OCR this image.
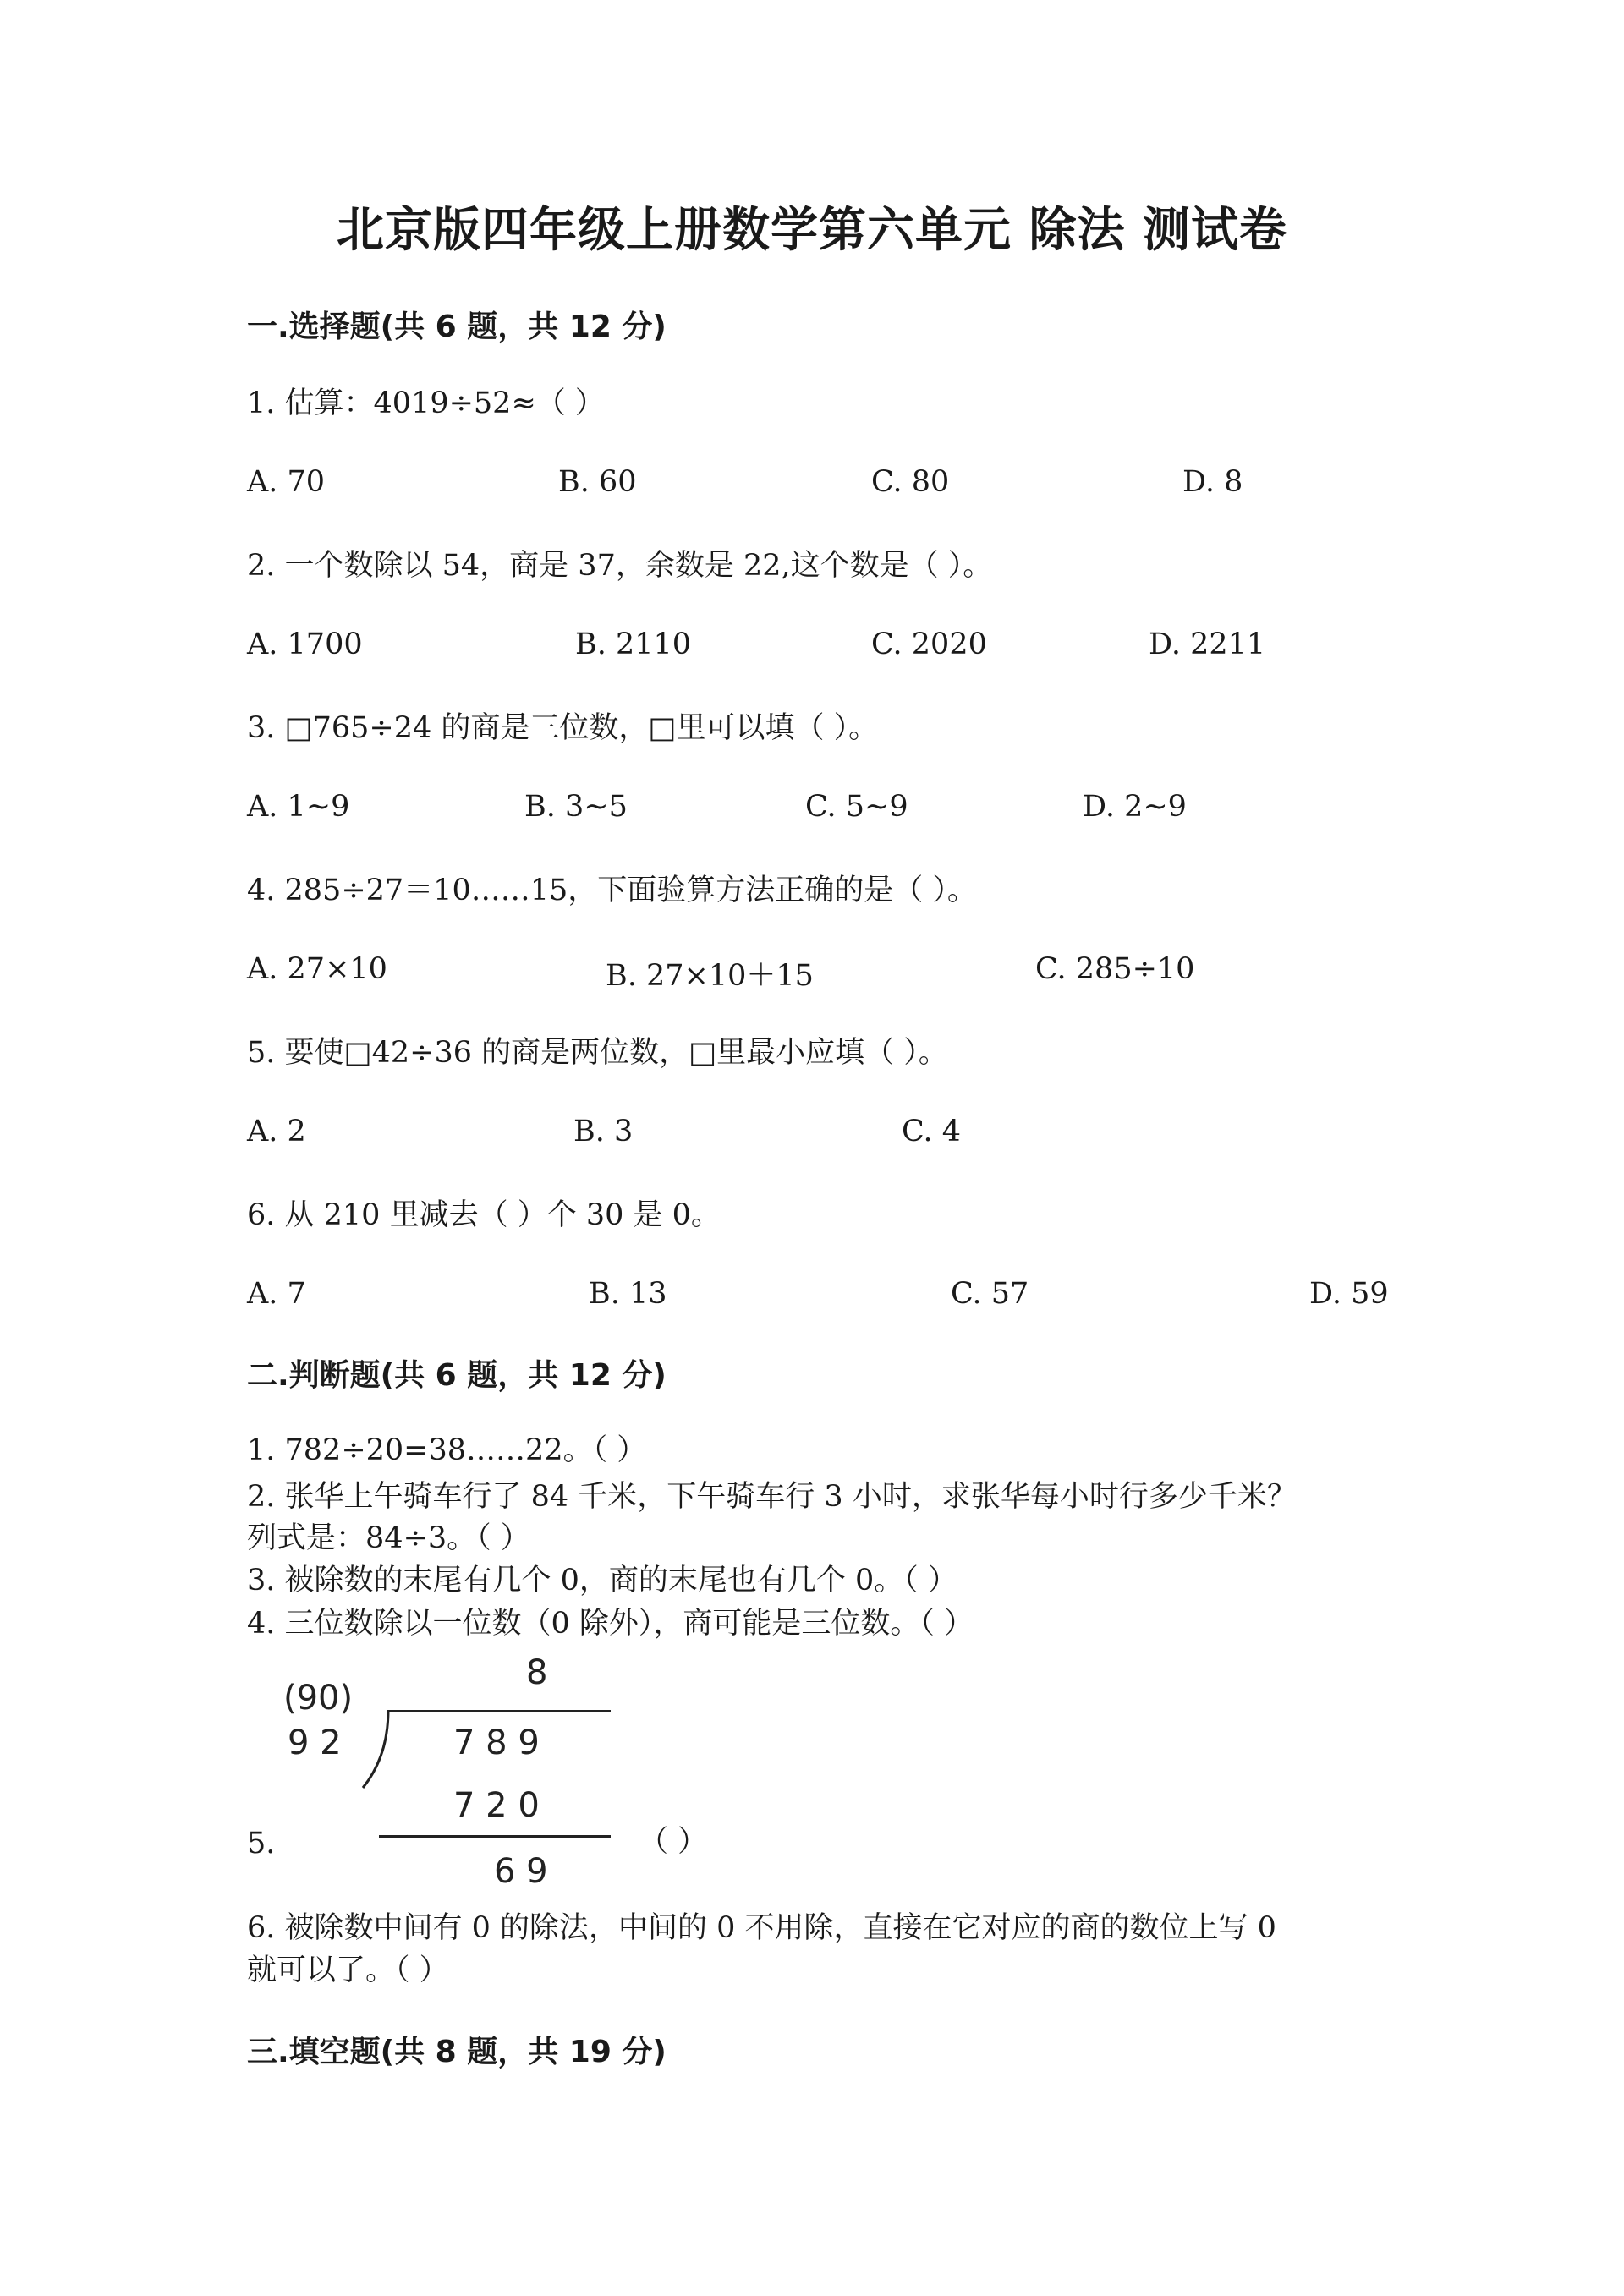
北京版四年级上册数学第六单元 除法 测试卷
一.选择题(共 6 题，共 12 分)
1. 估算：4019÷52≈（ ）
A. 70	B. 60	C. 80	D. 8
2. 一个数除以 54，商是 37，余数是 22,这个数是（ ）。
A. 1700	B. 2110	C. 2020	D. 2211
3. □765÷24 的商是三位数，□里可以填（ ）。
A. 1~9	B. 3~5	C. 5~9	D. 2~9
4. 285÷27＝10……15，下面验算方法正确的是（ ）。
A. 27×10	B. 27×10＋15	C. 285÷10
5. 要使□42÷36 的商是两位数，□里最小应填（ ）。
A. 2	B. 3	C. 4
6. 从 210 里减去（ ）个 30 是 0。
A. 7	B. 13	C. 57	D. 59
二.判断题(共 6 题，共 12 分)
1. 782÷20=38……22。（ ）
2. 张华上午骑车行了 84 千米，下午骑车行 3 小时，求张华每小时行多少千米？
列式是：84÷3。（ ）
3. 被除数的末尾有几个 0，商的末尾也有几个 0。（ ）
4. 三位数除以一位数（0 除外），商可能是三位数。（ ）
5.	（ ）
8
(90)
9 2	7 8 9
7 2 0
6 9
6. 被除数中间有 0 的除法，中间的 0 不用除，直接在它对应的商的数位上写 0
就可以了。（ ）
三.填空题(共 8 题，共 19 分)
